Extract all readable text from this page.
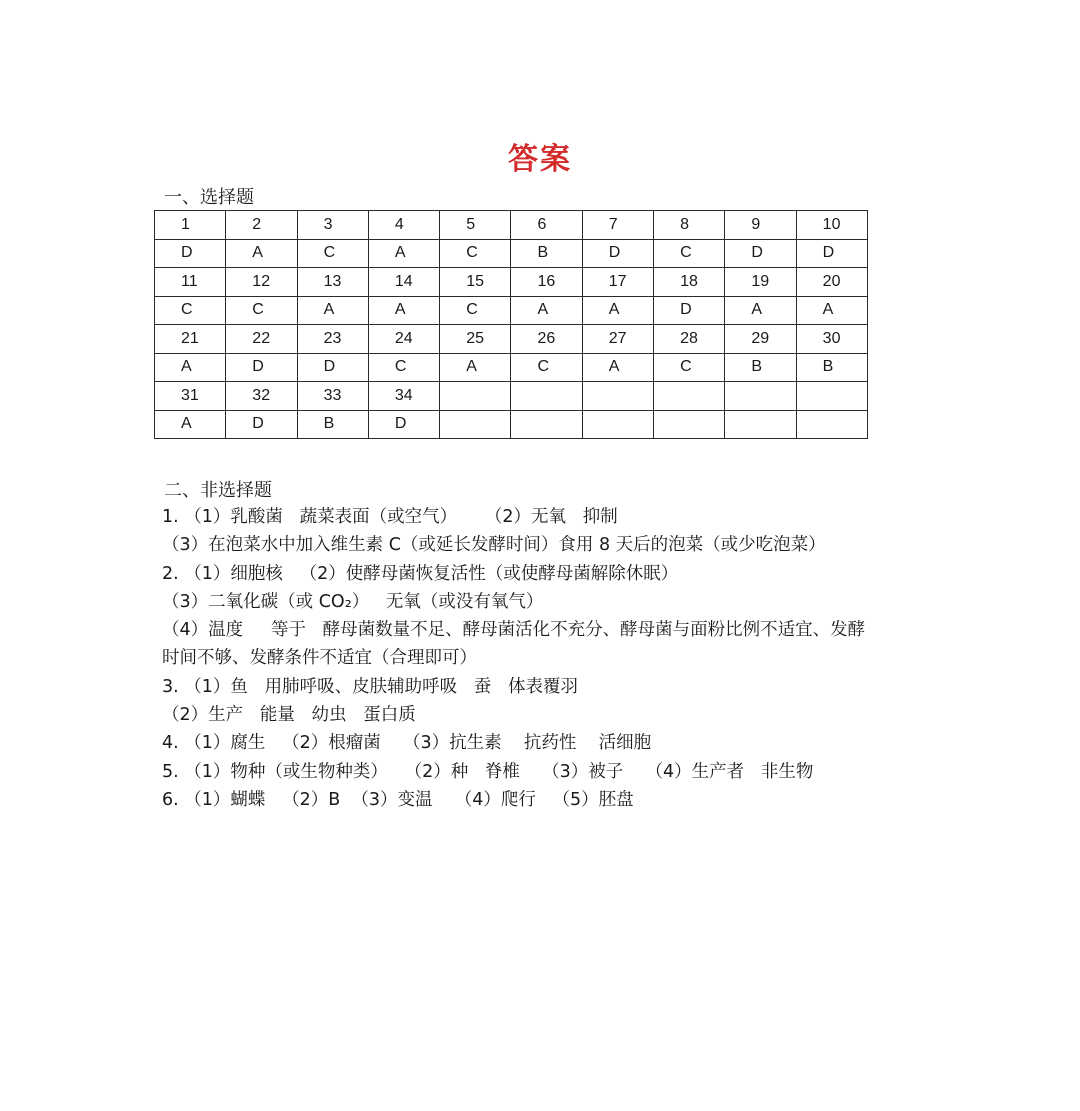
答案
一、选择题
1	2	3	4	5	6	7	8	9	10
D	A	C	A	C	B	D	C	D	D
11	12	13	14	15	16	17	18	19	20
C	C	A	A	C	A	A	D	A	A
21	22	23	24	25	26	27	28	29	30
A	D	D	C	A	C	A	C	B	B
31	32	33	34						
A	D	B	D						
二、非选择题
1. （1）乳酸菌   蔬菜表面（或空气）     （2）无氧   抑制
（3）在泡菜水中加入维生素 C（或延长发酵时间）食用 8 天后的泡菜（或少吃泡菜）
2. （1）细胞核   （2）使酵母菌恢复活性（或使酵母菌解除休眠）
（3）二氧化碳（或 CO₂）   无氧（或没有氧气）
（4）温度     等于   酵母菌数量不足、酵母菌活化不充分、酵母菌与面粉比例不适宜、发酵
时间不够、发酵条件不适宜（合理即可）
3. （1）鱼   用肺呼吸、皮肤辅助呼吸   蚕   体表覆羽
（2）生产   能量   幼虫   蛋白质
4. （1）腐生   （2）根瘤菌    （3）抗生素    抗药性    活细胞
5. （1）物种（或生物种类）   （2）种   脊椎    （3）被子    （4）生产者   非生物
6. （1）蝴蝶   （2）B  （3）变温    （4）爬行   （5）胚盘
